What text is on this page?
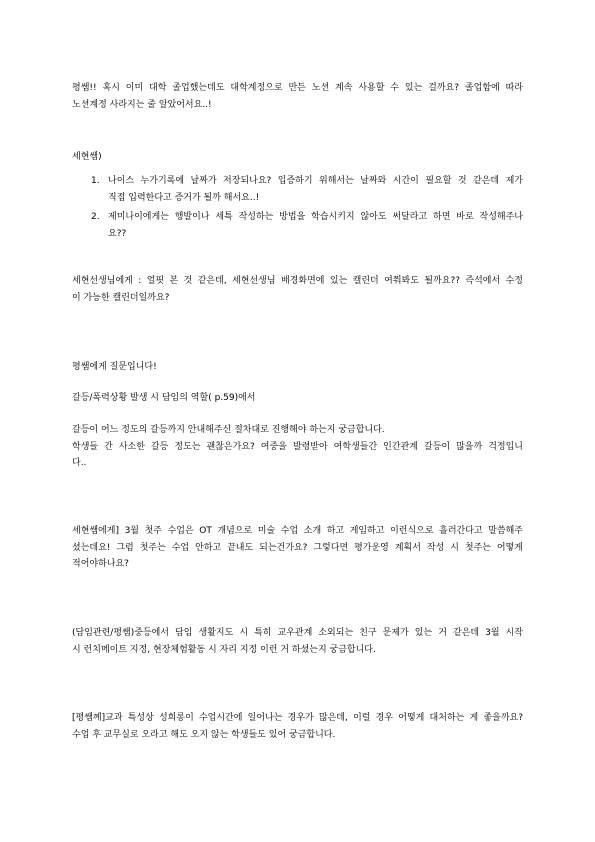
평쌤!! 혹시 이미 대학 졸업했는데도 대학계정으로 만든 노션 계속 사용할 수 있는 걸까요? 졸업함에 따라
노션계정 사라지는 줄 알았어서요..!
세현쌤)
1. 나이스 누가기록에 날짜가 저장되나요? 입증하기 위해서는 날짜와 시간이 필요할 것 같은데 제가
직접 입력한다고 증거가 될까 해서요..!
2. 제미나이에게는 행발이나 세특 작성하는 방법을 학습시키지 않아도 써달라고 하면 바로 작성해주나
요??
세현선생님에게 : 얼핏 본 것 같은데, 세현선생님 배경화면에 있는 캘린더 여쭤봐도 될까요?? 즉석에서 수정
이 가능한 캘린더일까요?
평쌤에게 질문입니다!
갈등/폭력상황 발생 시 담임의 역할( p.59)에서
갈등이 어느 정도의 갈등까지 안내해주신 절차대로 진행해야 하는지 궁금합니다.
학생들 간 사소한 갈등 정도는 괜찮은가요? 여중을 발령받아 여학생들간 인간관계 갈등이 많을까 걱정입니
다..
세현쌤에게] 3월 첫주 수업은 OT 개념으로 미술 수업 소개 하고 게임하고 이런식으로 흘러간다고 말씀해주
셨는데요! 그럼 첫주는 수업 안하고 끝내도 되는건가요? 그렇다면 평가운영 계획서 작성 시 첫주는 어떻게
적어야하나요?
(담임관련/평쌤)중등에서 담임 생활지도 시 특히 교우관계 소외되는 친구 문제가 있는 거 같은데 3월 시작
시 런치메이트 지정, 현장체험활동 시 자리 지정 이런 거 하셨는지 궁금합니다.
[평쌤께]교과 특성상 성희롱이 수업시간에 일어나는 경우가 많은데, 이럴 경우 어떻게 대처하는 게 좋을까요?
수업 후 교무실로 오라고 해도 오지 않는 학생들도 있어 궁금합니다.
